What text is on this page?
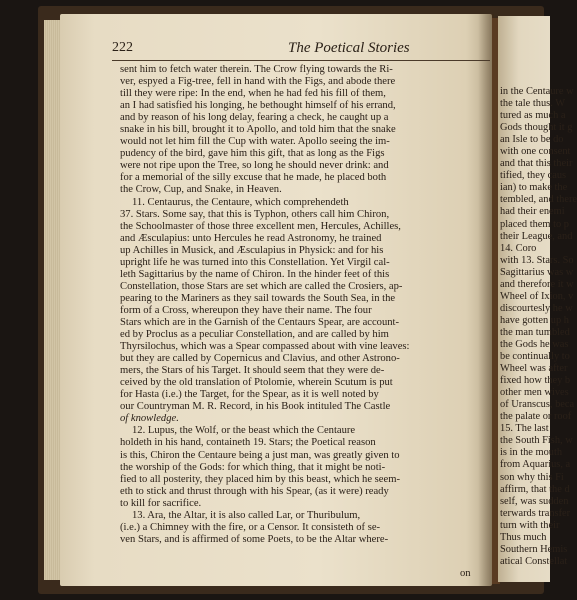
222	The Poetical Stories
sent him to fetch water therein. The Crow flying towards the Ri-
ver, espyed a Fig-tree, fell in hand with the Figs, and abode there
till they were ripe: In the end, when he had fed his fill of them,
an I had satisfied his longing, he bethought himself of his errand,
and by reason of his long delay, fearing a check, he caught up a
snake in his bill, brought it to Apollo, and told him that the snake
would not let him fill the Cup with water. Apollo seeing the im-
pudency of the bird, gave him this gift, that as long as the Figs
were not ripe upon the Tree, so long he should never drink: and
for a memorial of the silly excuse that he made, he placed both
the Crow, Cup, and Snake, in Heaven.
11. Centaurus, the Centaure, which comprehendeth
37. Stars. Some say, that this is Typhon, others call him Chiron,
the Schoolmaster of those three excellent men, Hercules, Achilles,
and Æsculapius: unto Hercules he read Astronomy, he trained
up Achilles in Musick, and Æsculapius in Physick: and for his
upright life he was turned into this Constellation. Yet Virgil cal-
leth Sagittarius by the name of Chiron. In the hinder feet of this
Constellation, those Stars are set which are called the Crosiers, ap-
pearing to the Mariners as they sail towards the South Sea, in the
form of a Cross, whereupon they have their name. The four
Stars which are in the Garnish of the Centaurs Spear, are account-
ed by Proclus as a peculiar Constellation, and are called by him
Thyrsilochus, which was a Spear compassed about with vine leaves:
but they are called by Copernicus and Clavius, and other Astrono-
mers, the Stars of his Target. It should seem that they were de-
ceived by the old translation of Ptolomie, wherein Scutum is put
for Hasta (i.e.) the Target, for the Spear, as it is well noted by
our Countryman M. R. Record, in his Book intituled The Castle
of knowledge.
12. Lupus, the Wolf, or the beast which the Centaure
holdeth in his hand, containeth 19. Stars; the Poetical reason
is this, Chiron the Centaure being a just man, was greatly given to
the worship of the Gods: for which thing, that it might be noti-
fied to all posterity, they placed him by this beast, which he seem-
eth to stick and thrust through with his Spear, (as it were) ready
to kill for sacrifice.
13. Ara, the Altar, it is also called Lar, or Thuribulum,
(i.e.) a Chimney with the fire, or a Censor. It consisteth of se-
ven Stars, and is affirmed of some Poets, to be the Altar where-
on
in the Centaure w
the tale thus. W
tured as much a
Gods thought it g
an Isle to be do
with one consent
and that this their
tified, they caus
ian) to make the
tembled, and there
had their enemi
placed them to p
their League, and
14. Coro
with 13. Stars. So
Sagittarius was w
and therefore it w
Wheel of Ixion, v
discourtesly he w
have gotten up h
the man tumbled
the Gods he was
be continually to
Wheel was after
fixed how they b
other men wives
of Uranscus, beca
the palate or roof
15. The last
the South Fish, w
is in the mouth
from Aquarius, a
son why this Fi
affirm, that the d
self, was sudden
terwards transfer
turn with their
Thus much
Southern Hemis
atical Constellat
